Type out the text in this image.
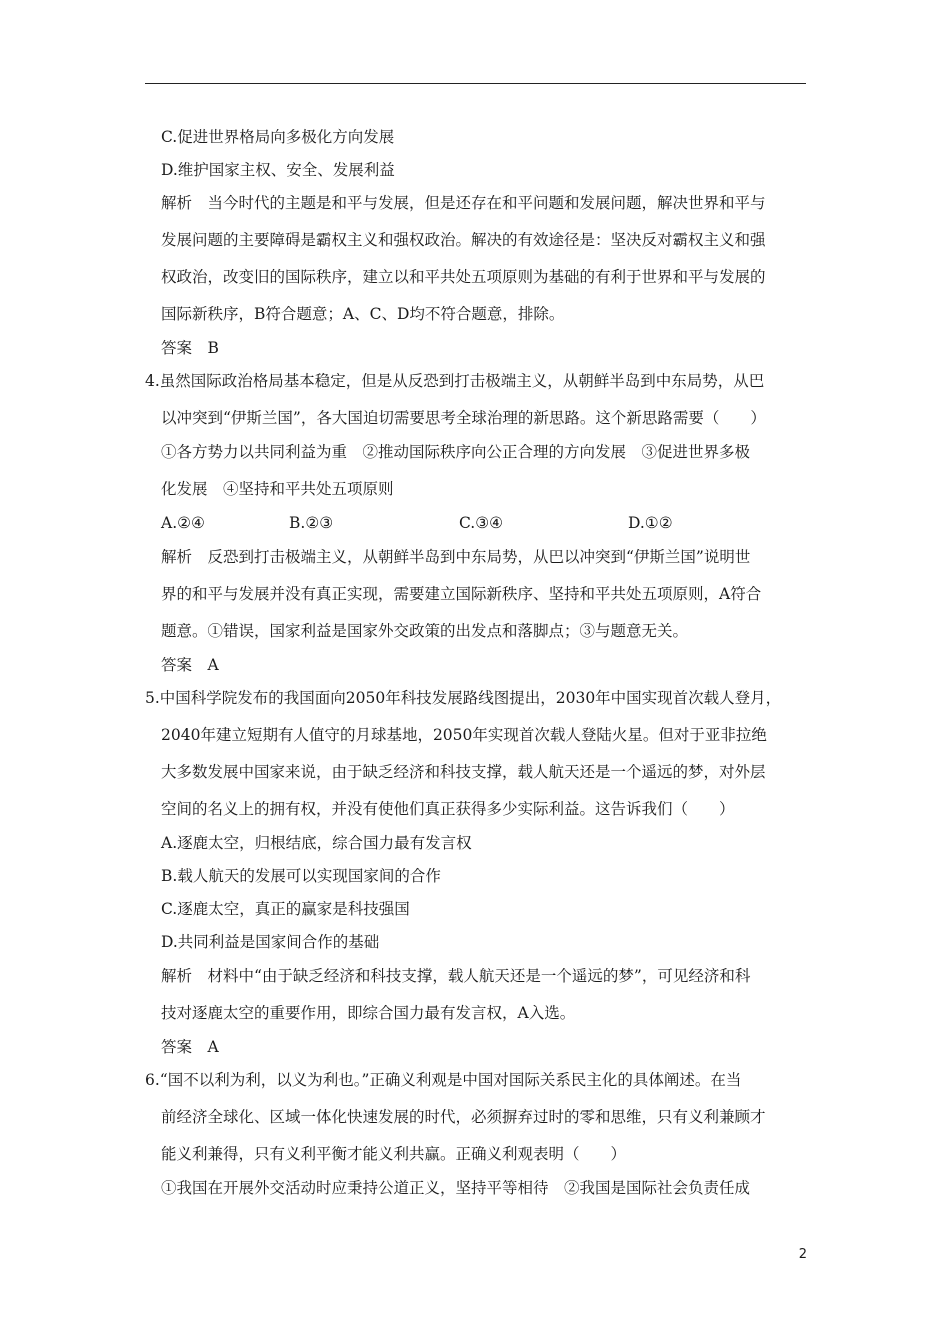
C.促进世界格局向多极化方向发展
D.维护国家主权、安全、发展利益
解析　当今时代的主题是和平与发展，但是还存在和平问题和发展问题，解决世界和平与
发展问题的主要障碍是霸权主义和强权政治。解决的有效途径是：坚决反对霸权主义和强
权政治，改变旧的国际秩序，建立以和平共处五项原则为基础的有利于世界和平与发展的
国际新秩序，B符合题意；A、C、D均不符合题意，排除。
答案　B
4.虽然国际政治格局基本稳定，但是从反恐到打击极端主义，从朝鲜半岛到中东局势，从巴
以冲突到“伊斯兰国”，各大国迫切需要思考全球治理的新思路。这个新思路需要（　　）
①各方势力以共同利益为重　②推动国际秩序向公正合理的方向发展　③促进世界多极
化发展　④坚持和平共处五项原则
A.②④	B.②③	C.③④	D.①②
解析　反恐到打击极端主义，从朝鲜半岛到中东局势，从巴以冲突到“伊斯兰国”说明世
界的和平与发展并没有真正实现，需要建立国际新秩序、坚持和平共处五项原则，A符合
题意。①错误，国家利益是国家外交政策的出发点和落脚点；③与题意无关。
答案　A
5.中国科学院发布的我国面向2050年科技发展路线图提出，2030年中国实现首次载人登月，
2040年建立短期有人值守的月球基地，2050年实现首次载人登陆火星。但对于亚非拉绝
大多数发展中国家来说，由于缺乏经济和科技支撑，载人航天还是一个遥远的梦，对外层
空间的名义上的拥有权，并没有使他们真正获得多少实际利益。这告诉我们（　　）
A.逐鹿太空，归根结底，综合国力最有发言权
B.载人航天的发展可以实现国家间的合作
C.逐鹿太空，真正的赢家是科技强国
D.共同利益是国家间合作的基础
解析　材料中“由于缺乏经济和科技支撑，载人航天还是一个遥远的梦”，可见经济和科
技对逐鹿太空的重要作用，即综合国力最有发言权，A入选。
答案　A
6.“国不以利为利，以义为利也。”正确义利观是中国对国际关系民主化的具体阐述。在当
前经济全球化、区域一体化快速发展的时代，必须摒弃过时的零和思维，只有义利兼顾才
能义利兼得，只有义利平衡才能义利共赢。正确义利观表明（　　）
①我国在开展外交活动时应秉持公道正义，坚持平等相待　②我国是国际社会负责任成
2
